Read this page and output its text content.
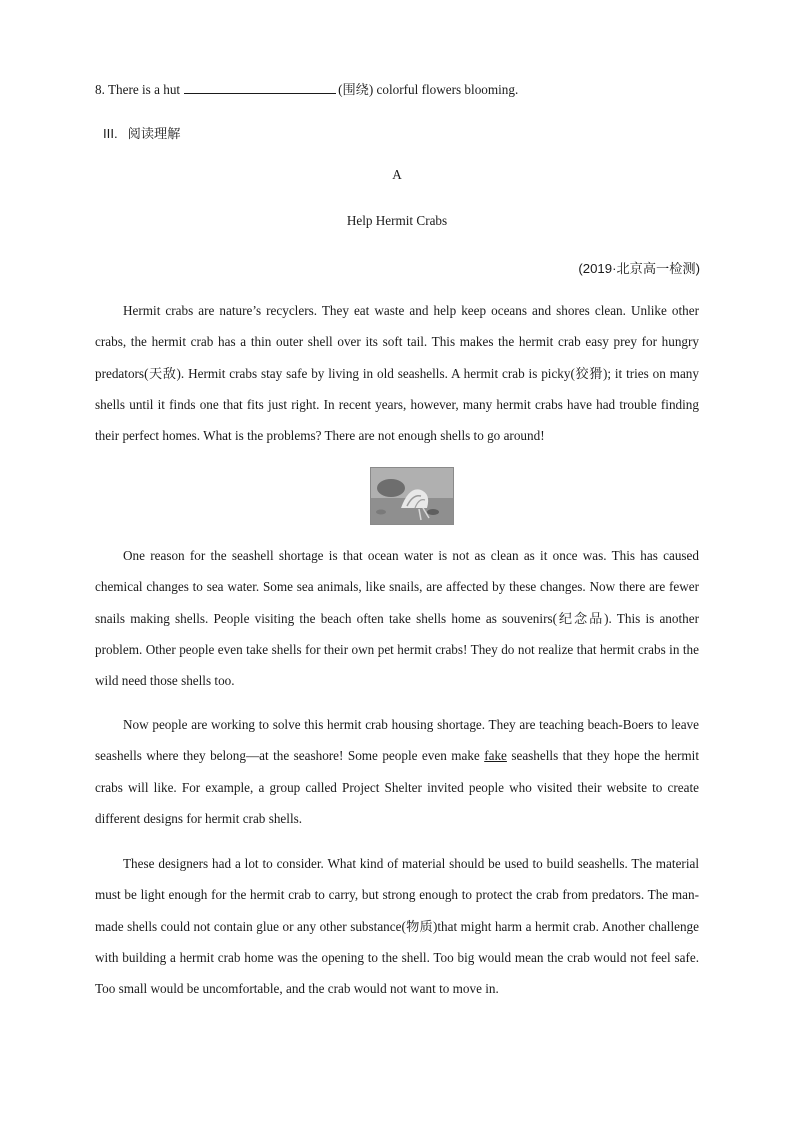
8. There is a hut	(围绕) colorful flowers blooming.
III. 阅读理解
A
Help Hermit Crabs
(2019·北京高一检测)

Hermit crabs are nature’s recyclers. They eat waste and help keep oceans and shores clean. Unlike other crabs, the hermit crab has a thin outer shell over its soft tail. This makes the hermit crab easy prey for hungry predators(天敌). Hermit crabs stay safe by living in old seashells. A hermit crab is picky(狡猾); it tries on many shells until it finds one that fits just right. In recent years, however, many hermit crabs have had trouble finding their perfect homes. What is the problems? There are not enough shells to go around!

One reason for the seashell shortage is that ocean water is not as clean as it once was. This has caused chemical changes to sea water. Some sea animals, like snails, are affected by these changes. Now there are fewer snails making shells. People visiting the beach often take shells home as souvenirs(纪念品). This is another problem. Other people even take shells for their own pet hermit crabs! They do not realize that hermit crabs in the wild need those shells too.

Now people are working to solve this hermit crab housing shortage. They are teaching beach-Boers to leave seashells where they belong—at the seashore! Some people even make fake seashells that they hope the hermit crabs will like. For example, a group called Project Shelter invited people who visited their website to create different designs for hermit crab shells.

These designers had a lot to consider. What kind of material should be used to build seashells. The material must be light enough for the hermit crab to carry, but strong enough to protect the crab from predators. The man-made shells could not contain glue or any other substance(物质)that might harm a hermit crab. Another challenge with building a hermit crab home was the opening to the shell. Too big would mean the crab would not feel safe. Too small would be uncomfortable, and the crab would not want to move in.
